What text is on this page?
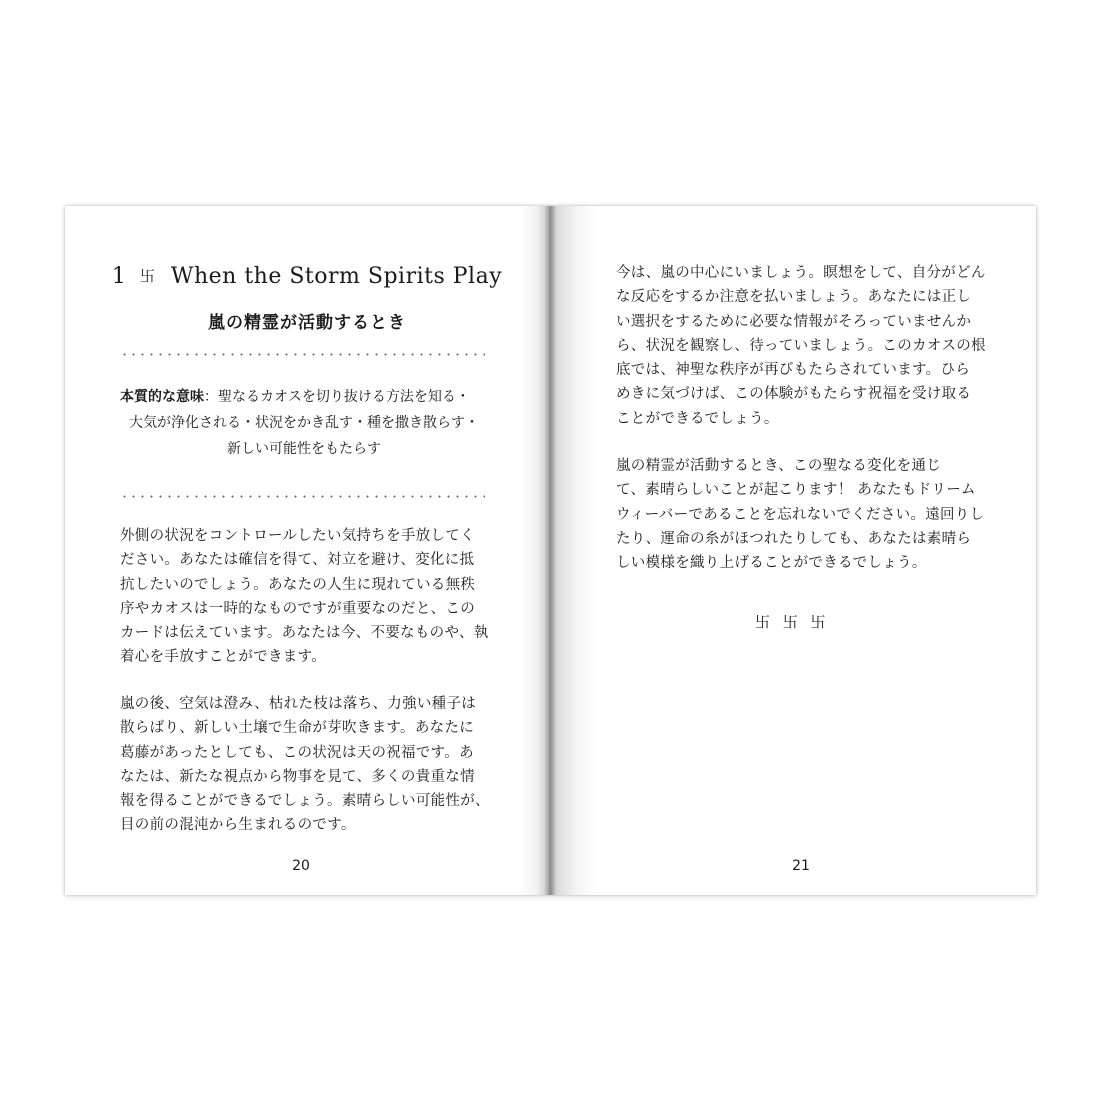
1 卐 When the Storm Spirits Play
嵐の精霊が活動するとき
本質的な意味：聖なるカオスを切り抜ける方法を知る・
大気が浄化される・状況をかき乱す・種を撒き散らす・
新しい可能性をもたらす
外側の状況をコントロールしたい気持ちを手放してく
ださい。あなたは確信を得て、対立を避け、変化に抵
抗したいのでしょう。あなたの人生に現れている無秩
序やカオスは一時的なものですが重要なのだと、この
カードは伝えています。あなたは今、不要なものや、執
着心を手放すことができます。
嵐の後、空気は澄み、枯れた枝は落ち、力強い種子は
散らばり、新しい土壌で生命が芽吹きます。あなたに
葛藤があったとしても、この状況は天の祝福です。あ
なたは、新たな視点から物事を見て、多くの貴重な情
報を得ることができるでしょう。素晴らしい可能性が、
目の前の混沌から生まれるのです。
20
今は、嵐の中心にいましょう。瞑想をして、自分がどん
な反応をするか注意を払いましょう。あなたには正し
い選択をするために必要な情報がそろっていませんか
ら、状況を観察し、待っていましょう。このカオスの根
底では、神聖な秩序が再びもたらされています。ひら
めきに気づけば、この体験がもたらす祝福を受け取る
ことができるでしょう。
嵐の精霊が活動するとき、この聖なる変化を通じ
て、素晴らしいことが起こります！ あなたもドリーム
ウィーバーであることを忘れないでください。遠回りし
たり、運命の糸がほつれたりしても、あなたは素晴ら
しい模様を織り上げることができるでしょう。
卐 卐 卐
21
